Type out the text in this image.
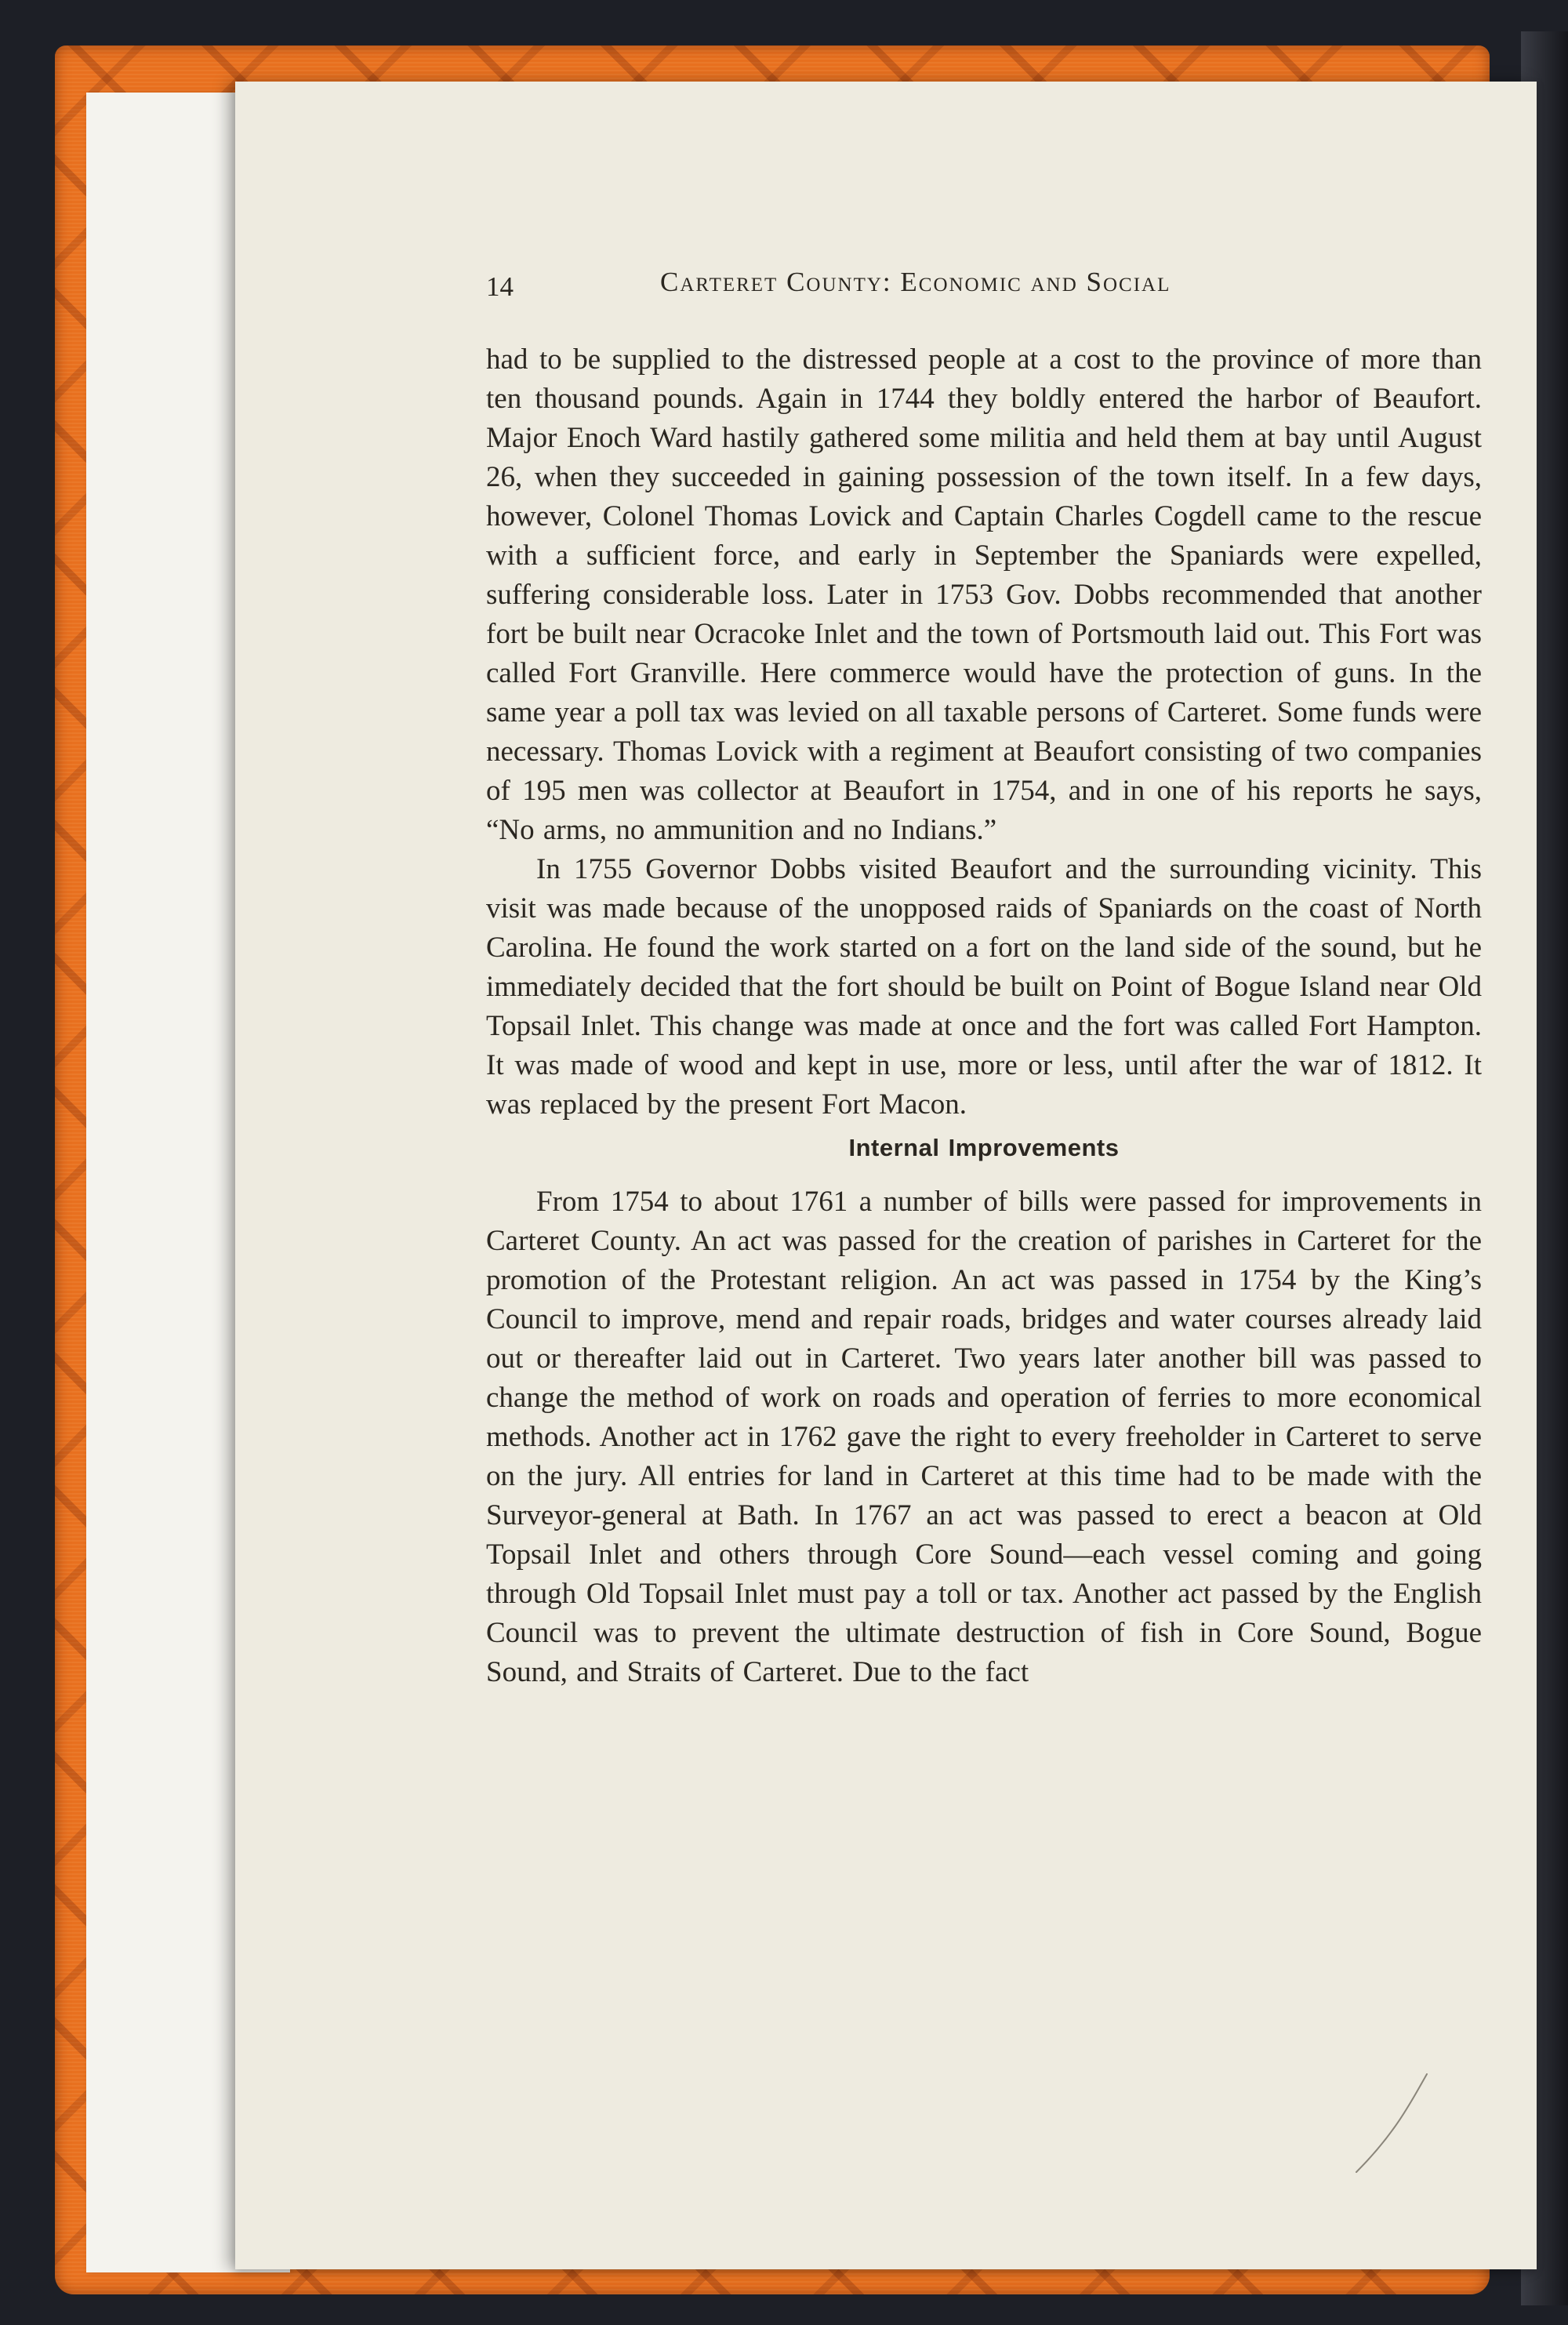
14	Carteret County: Economic and Social

had to be supplied to the distressed people at a cost to the province of more than ten thousand pounds. Again in 1744 they boldly entered the harbor of Beaufort. Major Enoch Ward hastily gathered some militia and held them at bay until August 26, when they succeeded in gaining possession of the town itself. In a few days, however, Colonel Thomas Lovick and Captain Charles Cogdell came to the rescue with a sufficient force, and early in September the Spaniards were expelled, suffering considerable loss. Later in 1753 Gov. Dobbs recommended that another fort be built near Ocracoke Inlet and the town of Portsmouth laid out. This Fort was called Fort Granville. Here commerce would have the protection of guns. In the same year a poll tax was levied on all taxable persons of Carteret. Some funds were necessary. Thomas Lovick with a regiment at Beaufort consisting of two companies of 195 men was collector at Beaufort in 1754, and in one of his reports he says, “No arms, no ammunition and no Indians.”

In 1755 Governor Dobbs visited Beaufort and the surrounding vicinity. This visit was made because of the unopposed raids of Spaniards on the coast of North Carolina. He found the work started on a fort on the land side of the sound, but he immediately decided that the fort should be built on Point of Bogue Island near Old Topsail Inlet. This change was made at once and the fort was called Fort Hampton. It was made of wood and kept in use, more or less, until after the war of 1812. It was replaced by the present Fort Macon.

Internal Improvements

From 1754 to about 1761 a number of bills were passed for improvements in Carteret County. An act was passed for the creation of parishes in Carteret for the promotion of the Protestant religion. An act was passed in 1754 by the King’s Council to improve, mend and repair roads, bridges and water courses already laid out or thereafter laid out in Carteret. Two years later another bill was passed to change the method of work on roads and operation of ferries to more economical methods. Another act in 1762 gave the right to every freeholder in Carteret to serve on the jury. All entries for land in Carteret at this time had to be made with the Surveyor-general at Bath. In 1767 an act was passed to erect a beacon at Old Topsail Inlet and others through Core Sound—each vessel coming and going through Old Topsail Inlet must pay a toll or tax. Another act passed by the English Council was to prevent the ultimate destruction of fish in Core Sound, Bogue Sound, and Straits of Carteret. Due to the fact
